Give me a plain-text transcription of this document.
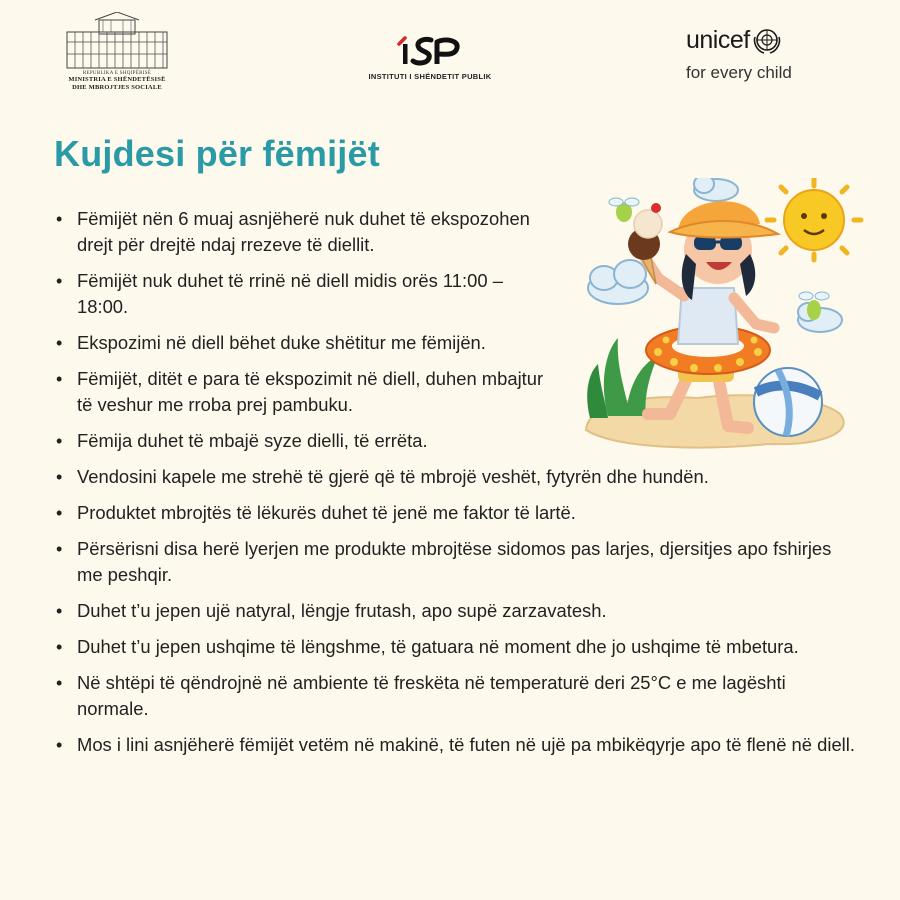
REPUBLIKA E SHQIPËRISË
MINISTRIA E SHËNDETËSISË
DHE MBROJTJES SOCIALE
INSTITUTI I SHËNDETIT PUBLIK
unicef
for every child
Kujdesi për fëmijët
• Fëmijët nën 6 muaj asnjëherë nuk duhet të ekspozohen drejt për drejtë ndaj rrezeve të diellit.
• Fëmijët nuk duhet të rrinë në diell midis orës 11:00 – 18:00.
• Ekspozimi në diell bëhet duke shëtitur me fëmijën.
• Fëmijët, ditët e para të ekspozimit në diell, duhen mbajtur të veshur me rroba prej pambuku.
• Fëmija duhet të mbajë syze dielli, të errëta.
• Vendosini kapele me strehë të gjerë që të mbrojë veshët, fytyrën dhe hundën.
• Produktet mbrojtës të lëkurës duhet të jenë me faktor të lartë.
• Përsërisni disa herë lyerjen me produkte mbrojtëse sidomos pas larjes, djersitjes apo fshirjes me peshqir.
• Duhet t’u jepen ujë natyral, lëngje frutash, apo supë zarzavatesh.
• Duhet t’u jepen ushqime të lëngshme, të gatuara në moment dhe jo ushqime të mbetura.
• Në shtëpi të qëndrojnë në ambiente të freskëta në temperaturë deri 25°C e me lagështi normale.
• Mos i lini asnjëherë fëmijët vetëm në makinë, të futen në ujë pa mbikëqyrje apo të flenë në diell.
